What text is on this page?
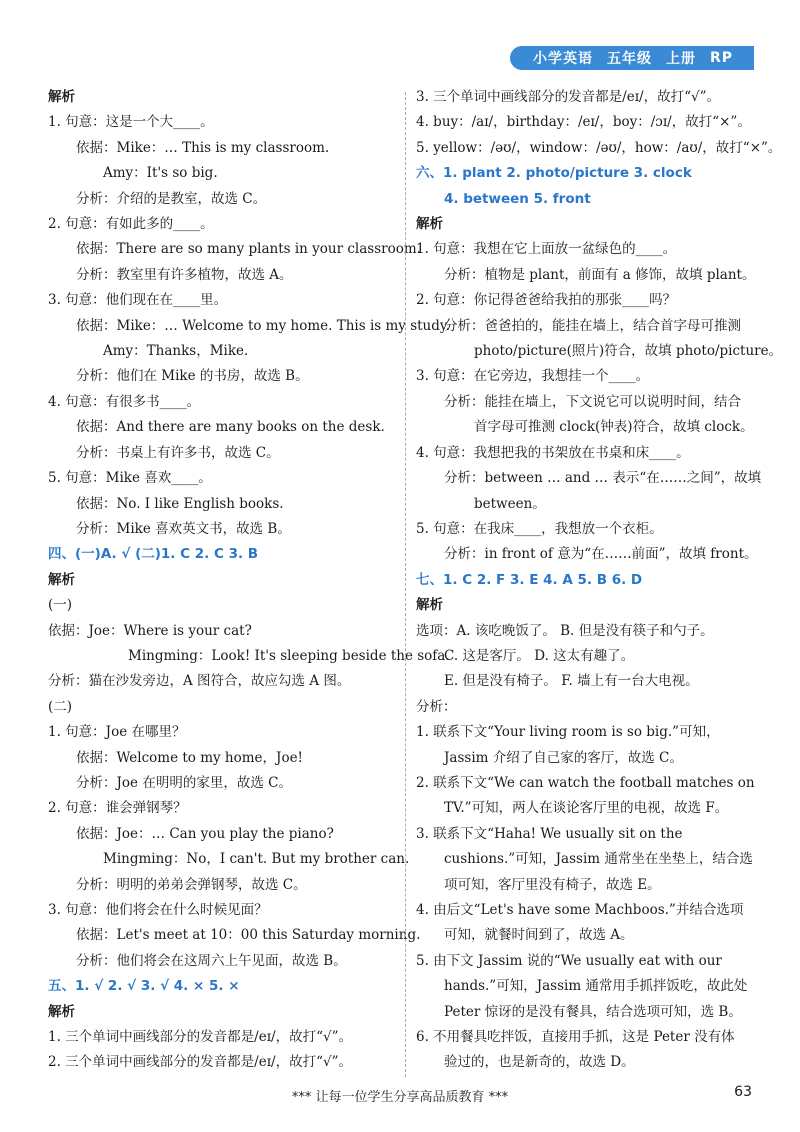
小学英语 五年级 上册 RP
解析
1. 句意：这是一个大____。
依据：Mike：… This is my classroom.
Amy：It's so big.
分析：介绍的是教室，故选 C。
2. 句意：有如此多的____。
依据：There are so many plants in your classroom.
分析：教室里有许多植物，故选 A。
3. 句意：他们现在在____里。
依据：Mike：… Welcome to my home. This is my study.
Amy：Thanks，Mike.
分析：他们在 Mike 的书房，故选 B。
4. 句意：有很多书____。
依据：And there are many books on the desk.
分析：书桌上有许多书，故选 C。
5. 句意：Mike 喜欢____。
依据：No. I like English books.
分析：Mike 喜欢英文书，故选 B。
四、(一)A. √ (二)1. C 2. C 3. B
解析
(一)
依据：Joe：Where is your cat?
Mingming：Look! It's sleeping beside the sofa.
分析：猫在沙发旁边，A 图符合，故应勾选 A 图。
(二)
1. 句意：Joe 在哪里？
依据：Welcome to my home，Joe!
分析：Joe 在明明的家里，故选 C。
2. 句意：谁会弹钢琴？
依据：Joe：… Can you play the piano?
Mingming：No，I can't. But my brother can.
分析：明明的弟弟会弹钢琴，故选 C。
3. 句意：他们将会在什么时候见面？
依据：Let's meet at 10：00 this Saturday morning.
分析：他们将会在这周六上午见面，故选 B。
五、1. √ 2. √ 3. √ 4. × 5. ×
解析
1. 三个单词中画线部分的发音都是/eɪ/，故打“√”。
2. 三个单词中画线部分的发音都是/eɪ/，故打“√”。
3. 三个单词中画线部分的发音都是/eɪ/，故打“√”。
4. buy：/aɪ/，birthday：/eɪ/，boy：/ɔɪ/，故打“×”。
5. yellow：/əʊ/，window：/əʊ/，how：/aʊ/，故打“×”。
六、1. plant 2. photo/picture 3. clock
4. between 5. front
解析
1. 句意：我想在它上面放一盆绿色的____。
分析：植物是 plant，前面有 a 修饰，故填 plant。
2. 句意：你记得爸爸给我拍的那张____吗？
分析：爸爸拍的，能挂在墙上，结合首字母可推测
photo/picture(照片)符合，故填 photo/picture。
3. 句意：在它旁边，我想挂一个____。
分析：能挂在墙上，下文说它可以说明时间，结合
首字母可推测 clock(钟表)符合，故填 clock。
4. 句意：我想把我的书架放在书桌和床____。
分析：between … and … 表示“在……之间”，故填
between。
5. 句意：在我床____，我想放一个衣柜。
分析：in front of 意为“在……前面”，故填 front。
七、1. C 2. F 3. E 4. A 5. B 6. D
解析
选项：A. 该吃晚饭了。 B. 但是没有筷子和勺子。
C. 这是客厅。 D. 这太有趣了。
E. 但是没有椅子。 F. 墙上有一台大电视。
分析：
1. 联系下文“Your living room is so big.”可知，
Jassim 介绍了自己家的客厅，故选 C。
2. 联系下文“We can watch the football matches on
TV.”可知，两人在谈论客厅里的电视，故选 F。
3. 联系下文“Haha! We usually sit on the
cushions.”可知，Jassim 通常坐在坐垫上，结合选
项可知，客厅里没有椅子，故选 E。
4. 由后文“Let's have some Machboos.”并结合选项
可知，就餐时间到了，故选 A。
5. 由下文 Jassim 说的“We usually eat with our
hands.”可知，Jassim 通常用手抓拌饭吃，故此处
Peter 惊讶的是没有餐具，结合选项可知，选 B。
6. 不用餐具吃拌饭，直接用手抓，这是 Peter 没有体
验过的，也是新奇的，故选 D。
*** 让每一位学生分享高品质教育 ***	63
